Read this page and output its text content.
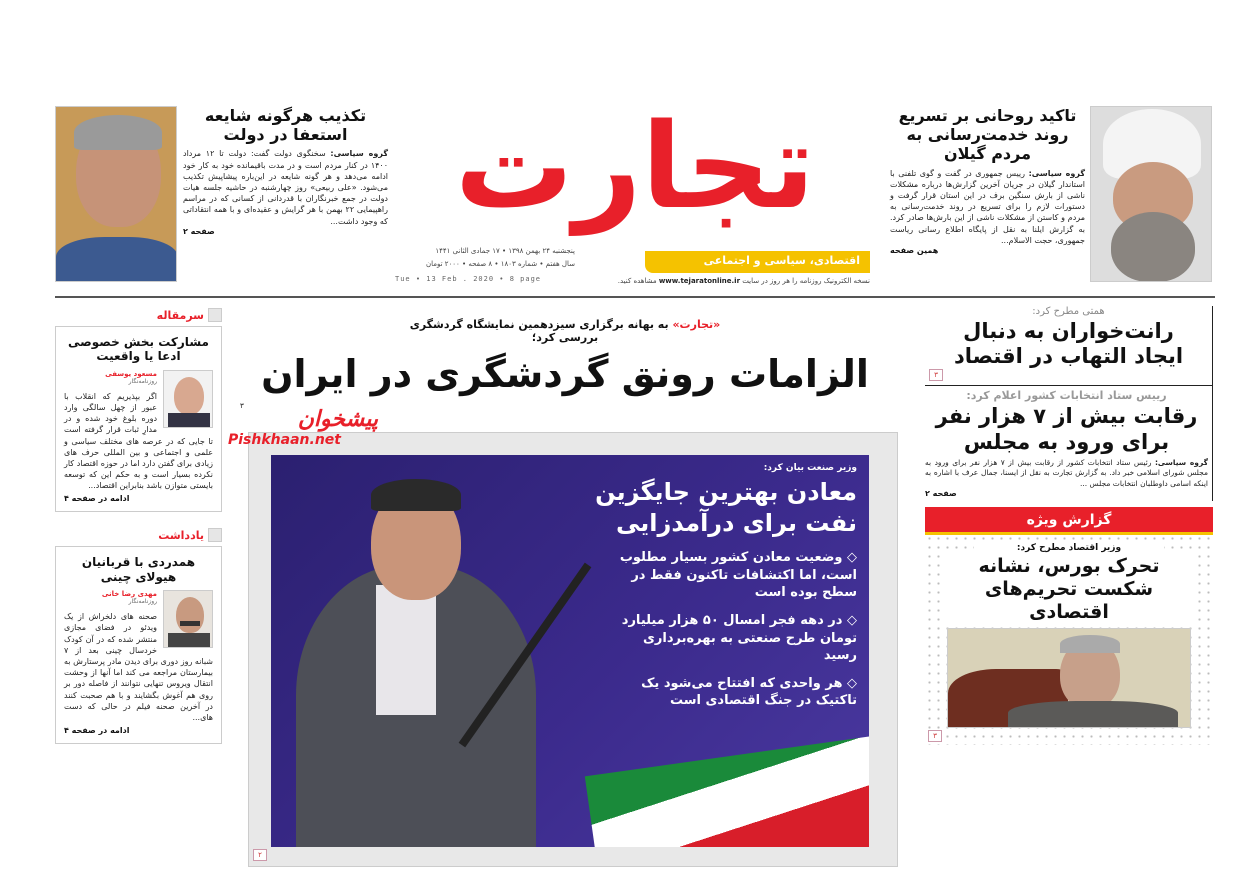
تجارت
اقتصادی، سیاسی و اجتماعی
پنجشنبه ۲۴ بهمن ۱۳۹۸ • ۱۷ جمادی الثانی ۱۴۴۱
سال هفتم • شماره ۱۸۰۳ • ۸ صفحه • ۲۰۰۰ تومان
Tue • 13 Feb . 2020 • 8 page	نسخه الکترونیک روزنامه را هر روز در سایت www.tejaratonline.ir مشاهده کنید.
تاکید روحانی بر تسریع روند خدمت‌رسانی به مردم گیلان
گروه سیاسی: رییس جمهوری در گفت و گوی تلفنی با استاندار گیلان در جریان آخرین گزارش‌ها درباره مشکلات ناشی از بارش سنگین برف در این استان قرار گرفت و دستورات لازم را برای تسریع در روند خدمت‌رسانی به مردم و کاستن از مشکلات ناشی از این بارش‌ها صادر کرد. به گزارش ایلنا به نقل از پایگاه اطلاع رسانی ریاست جمهوری، حجت الاسلام...
همین صفحه
تکذیب هرگونه شایعه استعفا در دولت
گروه سیاسی: سخنگوی دولت گفت: دولت تا ۱۲ مرداد ۱۴۰۰ در کنار مردم است و در مدت باقیمانده خود به کار خود ادامه می‌دهد و هر گونه شایعه در این‌باره پیشاپیش تکذیب می‌شود. «علی ربیعی» روز چهارشنبه در حاشیه جلسه هیات دولت در جمع خبرنگاران با قدردانی از کسانی که در مراسم راهپیمایی ۲۲ بهمن با هر گرایش و عقیده‌ای و با همه انتقاداتی که وجود داشت...
صفحه ۲
سرمقاله
مشارکت بخش خصوصی ادعا یا واقعیت
مسعود یوسفی
روزنامه‌نگار
اگر بپذیریم که انقلاب با عبور از چهل سالگی وارد دوره بلوغ خود شده و در مدارِ ثبات قرار گرفته است تا جایی که در عرصه های مختلف سیاسی و علمی و اجتماعی و بین المللی حرف های زیادی برای گفتن دارد اما در حوزه اقتصاد کار نکرده بسیار است و به حکم این که توسعه بایستی متوازن باشد بنابراین اقتصاد...
ادامه در صفحه ۴
یادداشت
همدردی با قربانیان هیولای چینی
مهدی رضا خانی
روزنامه‌نگار
صحنه های دلخراش از یک ویدئو در فضای مجازی منتشر شده که در آن کودک خردسال چینی بعد از ۷ شبانه روز دوری برای دیدن مادر پرستارش به بیمارستان مراجعه می کند اما آنها از وحشت انتقال ویروس تنهایی نتوانند از فاصله دور بر روی هم آغوش بگشایند و با هم صحبت کنند در آخرین صحنه فیلم در حالی که دست های...
ادامه در صفحه ۴
«تجارت» به بهانه برگزاری سیزدهمین نمایشگاه گردشگری بررسی کرد؛
الزامات رونق گردشگری در ایران
۳
پیشخوان
Pishkhaan.net
وزیر صنعت بیان کرد:
معادن بهترین جایگزین نفت برای درآمدزایی
◇ وضعیت معادن کشور بسیار مطلوب است، اما اکتشافات تاکنون فقط در سطح بوده است
◇ در دهه فجر امسال ۵۰ هزار میلیارد تومان طرح صنعتی به بهره‌برداری رسید
◇ هر واحدی که افتتاح می‌شود یک تاکتیک در جنگ اقتصادی است
۲
همتی مطرح کرد:
رانت‌خواران به دنبال ایجاد التهاب در اقتصاد
۳
رییس ستاد انتخابات کشور اعلام کرد:
رقابت بیش از ۷ هزار نفر برای ورود به مجلس
گروه سیاسی: رئیس ستاد انتخابات کشور از رقابت بیش از ۷ هزار نفر برای ورود به مجلس شورای اسلامی خبر داد. به گزارش تجارت به نقل از ایسنا، جمال عرف با اشاره به اینکه اسامی داوطلبان انتخابات مجلس ...
صفحه ۲
گزارش ویژه
وزیر اقتصاد مطرح کرد:
تحرک بورس، نشانه شکست تحریم‌های اقتصادی
۳
